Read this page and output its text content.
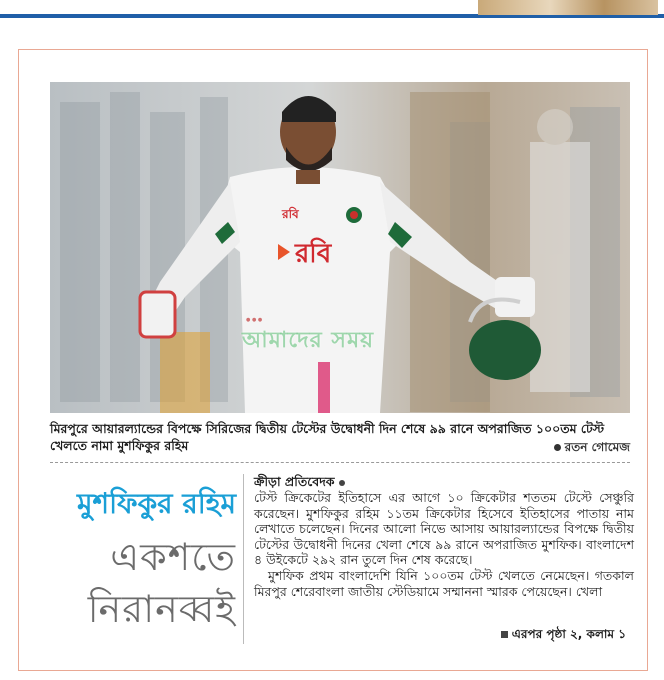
রবি
রবি
● ● ●
আমাদের সময়
মিরপুরে আয়ারল্যান্ডের বিপক্ষে সিরিজের দ্বিতীয় টেস্টের উদ্বোধনী দিন শেষে ৯৯ রানে অপরাজিত ১০০তম টেস্ট খেলতে নামা মুশফিকুর রহিম	রতন গোমেজ
মুশফিকুর রহিম
একশতে
নিরানব্বই
ক্রীড়া প্রতিবেদক

টেস্ট ক্রিকেটের ইতিহাসে এর আগে ১০ ক্রিকেটার শততম টেস্টে সেঞ্চুরি করেছেন। মুশফিকুর রহিম ১১তম ক্রিকেটার হিসেবে ইতিহাসের পাতায় নাম লেখাতে চলেছেন। দিনের আলো নিভে আসায় আয়ারল্যান্ডের বিপক্ষে দ্বিতীয় টেস্টের উদ্বোধনী দিনের খেলা শেষে ৯৯ রানে অপরাজিত মুশফিক। বাংলাদেশ ৪ উইকেটে ২৯২ রান তুলে দিন শেষ করেছে।

মুশফিক প্রথম বাংলাদেশি যিনি ১০০তম টেস্ট খেলতে নেমেছেন। গতকাল মিরপুর শেরেবাংলা জাতীয় স্টেডিয়ামে সম্মাননা স্মারক পেয়েছেন। খেলা

এরপর পৃষ্ঠা ২, কলাম ১
